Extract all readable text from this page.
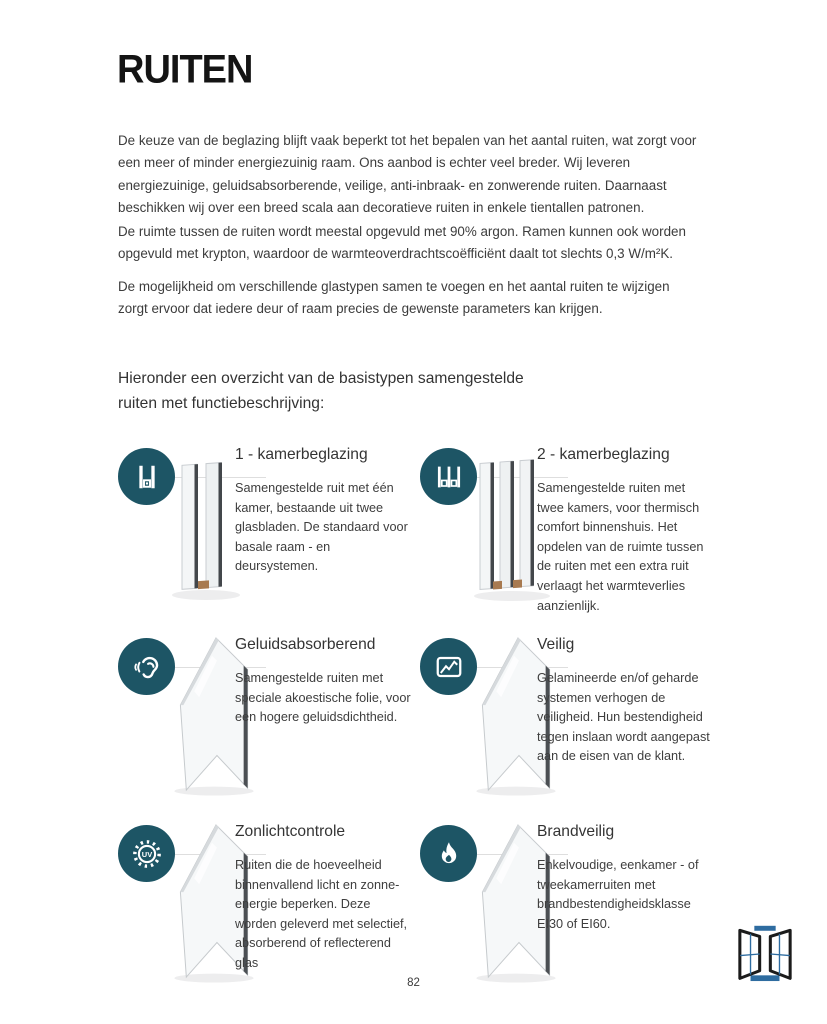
RUITEN

De keuze van de beglazing blijft vaak beperkt tot het bepalen van het aantal ruiten, wat zorgt voor een meer of minder energiezuinig raam. Ons aanbod is echter veel breder. Wij leveren energiezuinige, geluidsabsorberende, veilige, anti-inbraak- en zonwerende ruiten. Daarnaast beschikken wij over een breed scala aan decoratieve ruiten in enkele tientallen patronen.

De ruimte tussen de ruiten wordt meestal opgevuld met 90% argon. Ramen kunnen ook worden opgevuld met krypton, waardoor de warmteoverdrachtscoëfficiënt daalt tot slechts 0,3 W/m²K.

De mogelijkheid om verschillende glastypen samen te voegen en het aantal ruiten te wijzigen zorgt ervoor dat iedere deur of raam precies de gewenste parameters kan krijgen.

Hieronder een overzicht van de basistypen samengestelde ruiten met functiebeschrijving:

1 - kamerbeglazing

Samengestelde ruit met één kamer, bestaande uit twee glasbladen. De standaard voor basale raam - en deursystemen.

2 - kamerbeglazing

Samengestelde ruiten met twee kamers, voor thermisch comfort binnenshuis. Het opdelen van de ruimte tussen de ruiten met een extra ruit verlaagt het warmteverlies aanzienlijk.

Geluidsabsorberend

Samengestelde ruiten met speciale akoestische folie, voor een hogere geluidsdichtheid.

Veilig

Gelamineerde en/of geharde systemen verhogen de veiligheid. Hun bestendigheid tegen inslaan wordt aangepast aan de eisen van de klant.

UV
Zonlichtcontrole

Ruiten die de hoeveelheid binnenvallend licht en zonne- energie beperken. Deze worden geleverd met selectief, absorberend of reflecterend glas

Brandveilig

Enkelvoudige, eenkamer - of tweekamerruiten met brandbestendigheidsklasse EI30 of EI60.

82
